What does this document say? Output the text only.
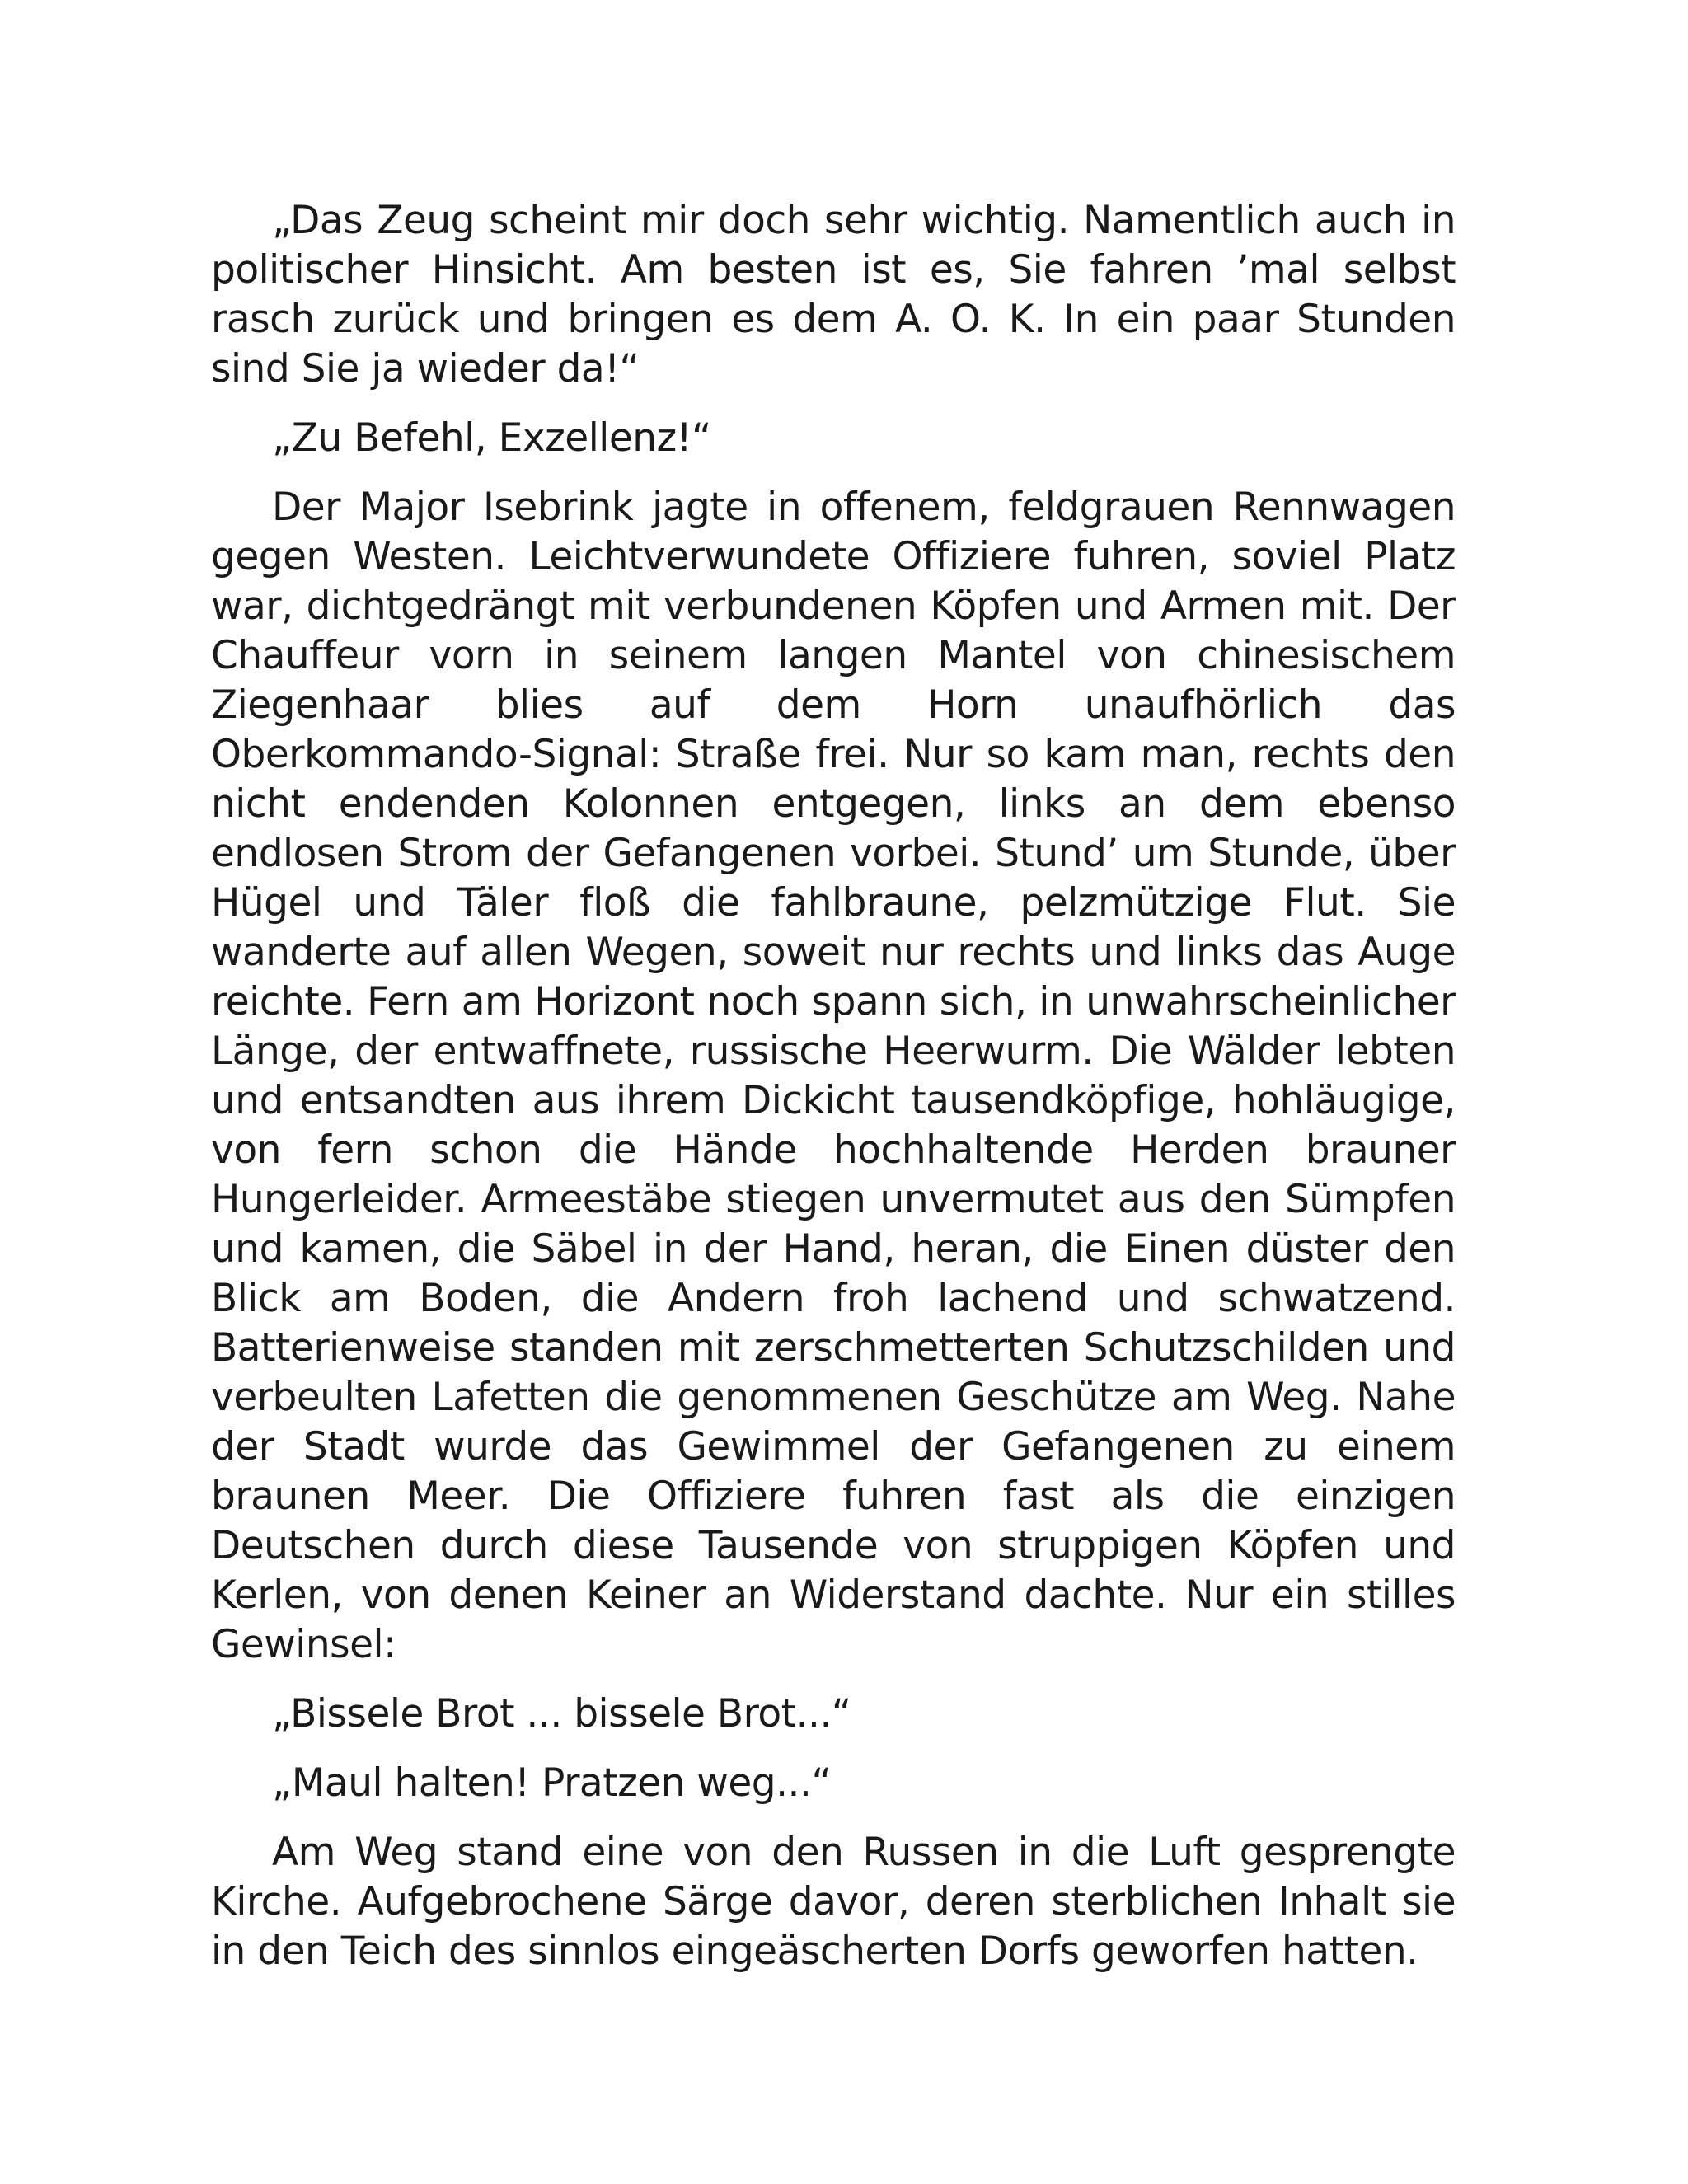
„Das Zeug scheint mir doch sehr wichtig. Namentlich auch in politischer Hinsicht. Am besten ist es, Sie fahren ’mal selbst rasch zurück und bringen es dem A. O. K. In ein paar Stunden sind Sie ja wieder da!“

„Zu Befehl, Exzellenz!“

Der Major Isebrink jagte in offenem, feldgrauen Rennwagen gegen Westen. Leichtverwundete Offiziere fuhren, soviel Platz war, dichtgedrängt mit verbundenen Köpfen und Armen mit. Der Chauffeur vorn in seinem langen Mantel von chinesischem Ziegenhaar blies auf dem Horn unaufhörlich das Oberkommando-Signal: Straße frei. Nur so kam man, rechts den nicht endenden Kolonnen entgegen, links an dem ebenso endlosen Strom der Gefangenen vorbei. Stund’ um Stunde, über Hügel und Täler floß die fahlbraune, pelzmützige Flut. Sie wanderte auf allen Wegen, soweit nur rechts und links das Auge reichte. Fern am Horizont noch spann sich, in unwahrscheinlicher Länge, der entwaffnete, russische Heerwurm. Die Wälder lebten und entsandten aus ihrem Dickicht tausendköpfige, hohläugige, von fern schon die Hände hochhaltende Herden brauner Hungerleider. Armeestäbe stiegen unvermutet aus den Sümpfen und kamen, die Säbel in der Hand, heran, die Einen düster den Blick am Boden, die Andern froh lachend und schwatzend. Batterienweise standen mit zerschmetterten Schutzschilden und verbeulten Lafetten die genommenen Geschütze am Weg. Nahe der Stadt wurde das Gewimmel der Gefangenen zu einem braunen Meer. Die Offiziere fuhren fast als die einzigen Deutschen durch diese Tausende von struppigen Köpfen und Kerlen, von denen Keiner an Widerstand dachte. Nur ein stilles Gewinsel:

„Bissele Brot ... bissele Brot...“

„Maul halten! Pratzen weg...“

Am Weg stand eine von den Russen in die Luft gesprengte Kirche. Aufgebrochene Särge davor, deren sterblichen Inhalt sie in den Teich des sinnlos eingeäscherten Dorfs geworfen hatten.
